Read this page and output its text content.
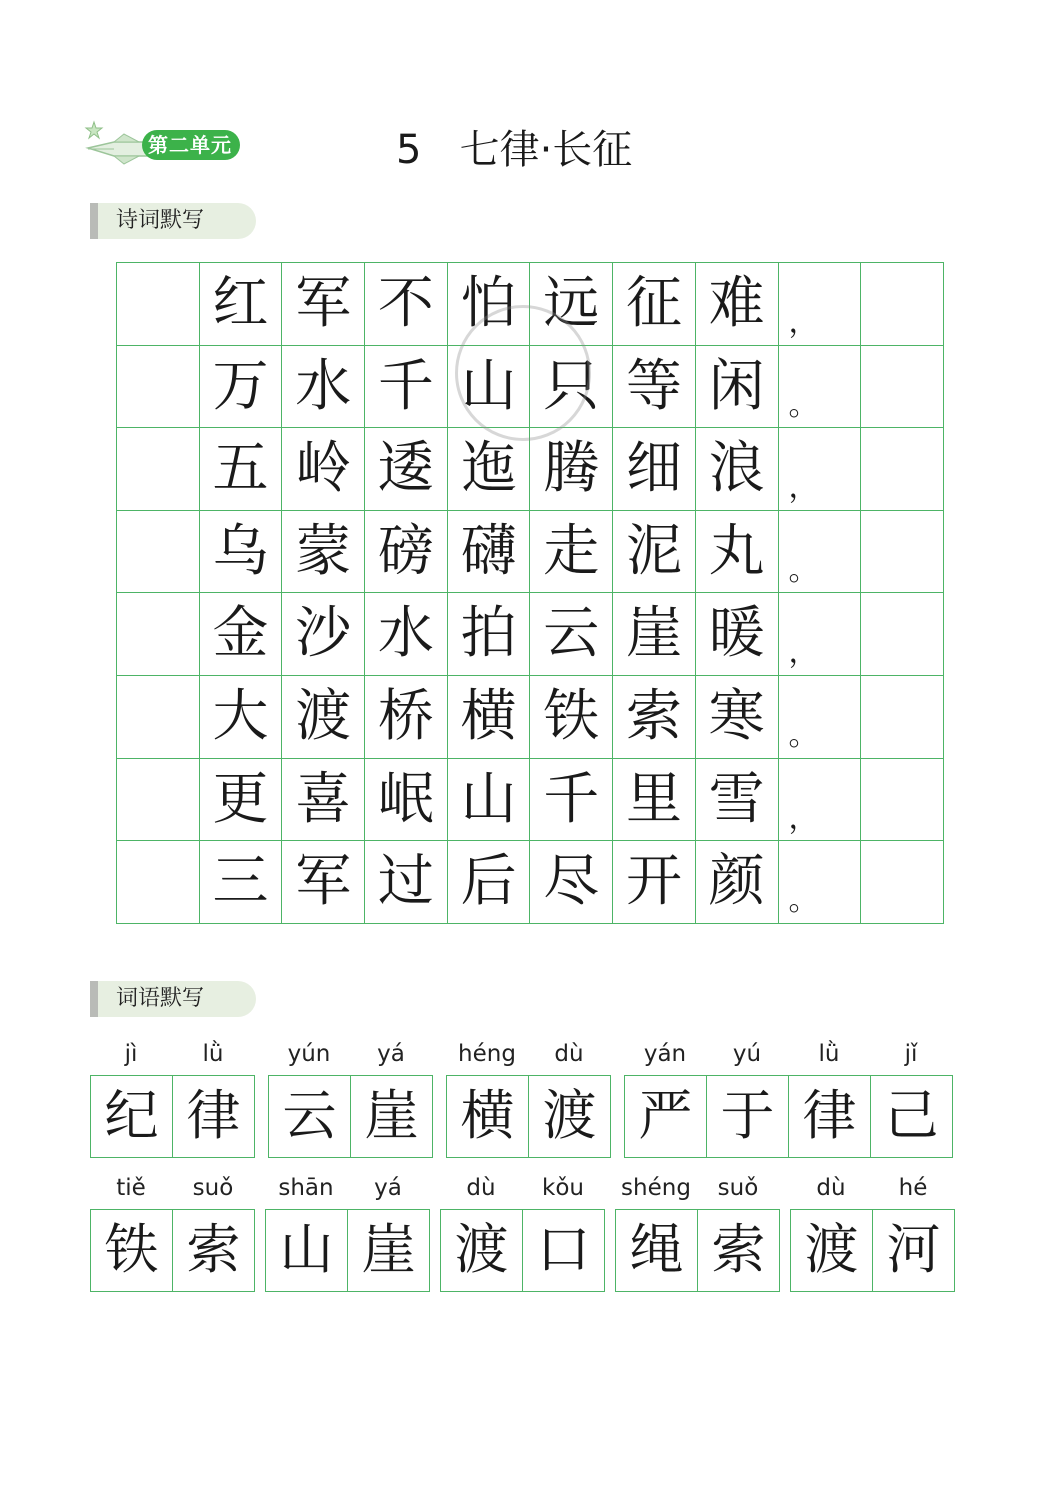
第二单元	5   七律·长征
诗词默写
红 军 不 怕 远 征 难 ，
万 水 千 山 只 等 闲 。
五 岭 逶 迤 腾 细 浪 ，
乌 蒙 磅 礴 走 泥 丸 。
金 沙 水 拍 云 崖 暖 ，
大 渡 桥 横 铁 索 寒 。
更 喜 岷 山 千 里 雪 ，
三 军 过 后 尽 开 颜 。
词语默写
jì	lǜ
纪 律
yún	yá
云 崖
héng	dù
横 渡
yán	yú	lǜ	jǐ
严 于 律 己
tiě	suǒ
铁 索
shān	yá
山 崖
dù	kǒu
渡 口
shéng	suǒ
绳 索
dù	hé
渡 河
